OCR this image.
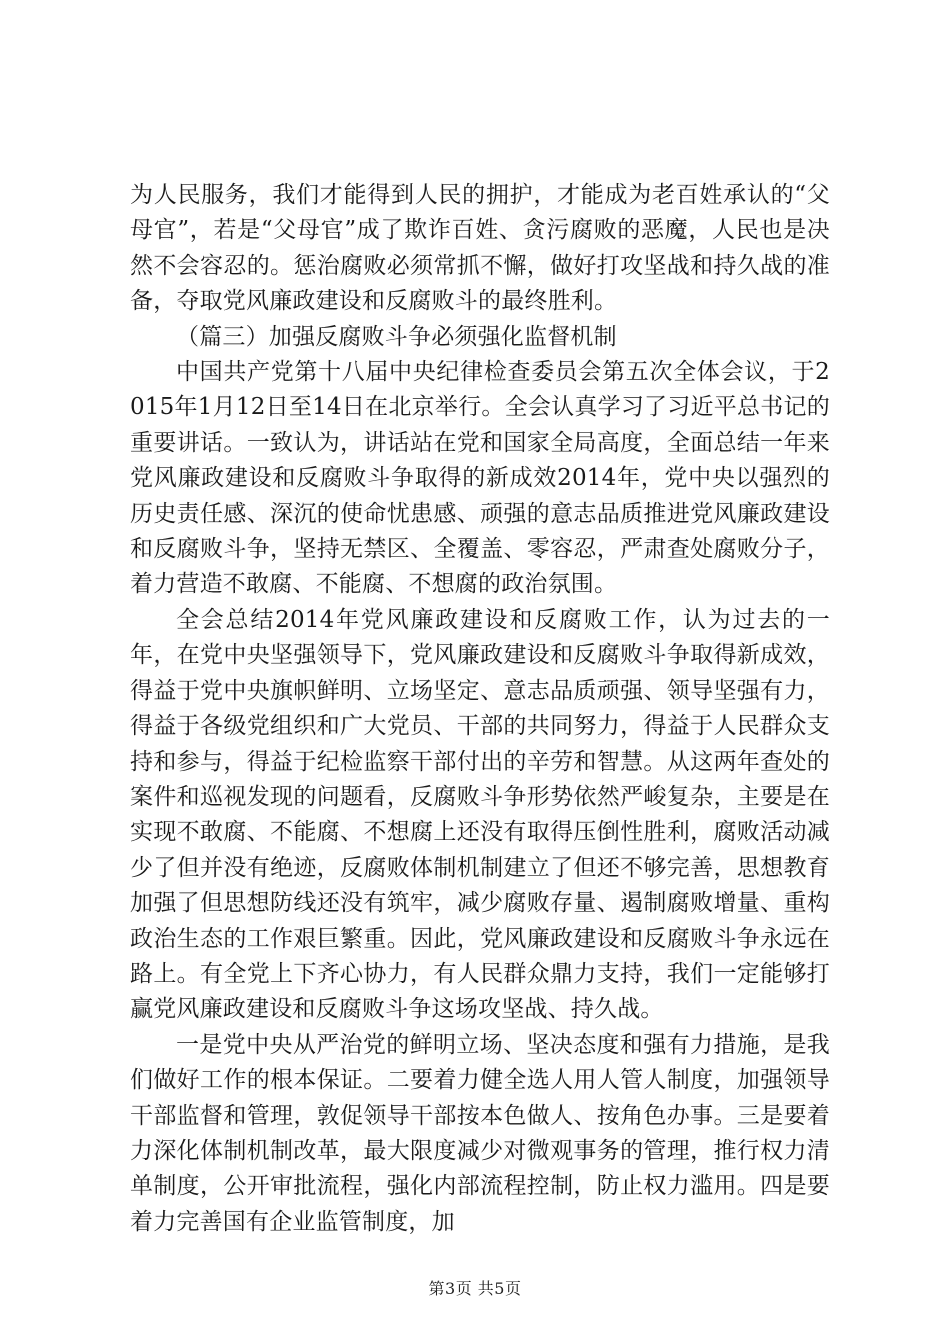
为人民服务，我们才能得到人民的拥护，才能成为老百姓承认的“父母官”，若是“父母官”成了欺诈百姓、贪污腐败的恶魔，人民也是决然不会容忍的。惩治腐败必须常抓不懈，做好打攻坚战和持久战的准备，夺取党风廉政建设和反腐败斗的最终胜利。

（篇三）加强反腐败斗争必须强化监督机制

中国共产党第十八届中央纪律检查委员会第五次全体会议，于2015年1月12日至14日在北京举行。全会认真学习了习近平总书记的重要讲话。一致认为，讲话站在党和国家全局高度，全面总结一年来党风廉政建设和反腐败斗争取得的新成效2014年，党中央以强烈的历史责任感、深沉的使命忧患感、顽强的意志品质推进党风廉政建设和反腐败斗争，坚持无禁区、全覆盖、零容忍，严肃查处腐败分子，着力营造不敢腐、不能腐、不想腐的政治氛围。

全会总结2014年党风廉政建设和反腐败工作，认为过去的一年，在党中央坚强领导下，党风廉政建设和反腐败斗争取得新成效，得益于党中央旗帜鲜明、立场坚定、意志品质顽强、领导坚强有力，得益于各级党组织和广大党员、干部的共同努力，得益于人民群众支持和参与，得益于纪检监察干部付出的辛劳和智慧。从这两年查处的案件和巡视发现的问题看，反腐败斗争形势依然严峻复杂，主要是在实现不敢腐、不能腐、不想腐上还没有取得压倒性胜利，腐败活动减少了但并没有绝迹，反腐败体制机制建立了但还不够完善，思想教育加强了但思想防线还没有筑牢，减少腐败存量、遏制腐败增量、重构政治生态的工作艰巨繁重。因此，党风廉政建设和反腐败斗争永远在路上。有全党上下齐心协力，有人民群众鼎力支持，我们一定能够打赢党风廉政建设和反腐败斗争这场攻坚战、持久战。

一是党中央从严治党的鲜明立场、坚决态度和强有力措施，是我们做好工作的根本保证。二要着力健全选人用人管人制度，加强领导干部监督和管理，敦促领导干部按本色做人、按角色办事。三是要着力深化体制机制改革，最大限度减少对微观事务的管理，推行权力清单制度，公开审批流程，强化内部流程控制，防止权力滥用。四是要着力完善国有企业监管制度，加

第3页 共5页
